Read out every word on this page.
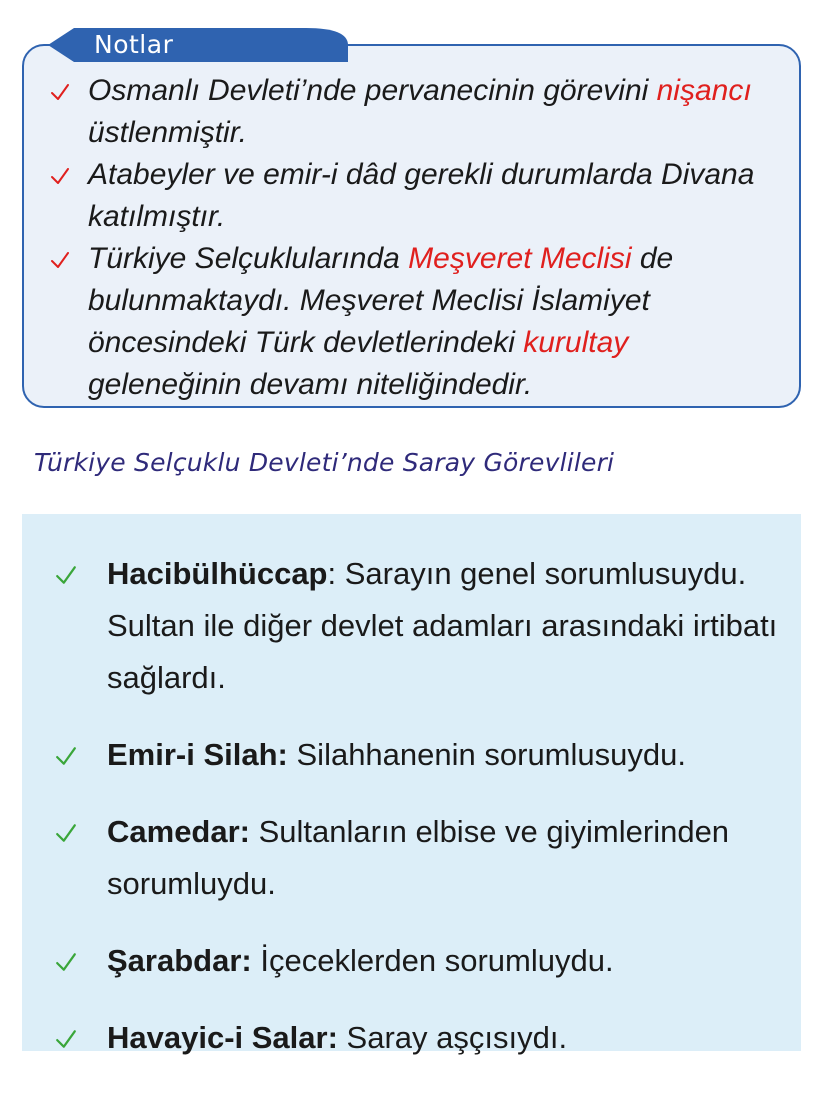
Notlar
Osmanlı Devleti’nde pervanecinin görevini nişancı üstlenmiştir.
Atabeyler ve emir-i dâd gerekli durumlarda Divana katılmıştır.
Türkiye Selçuklularında Meşveret Meclisi de bulunmaktaydı. Meşveret Meclisi İslamiyet öncesindeki Türk devletlerindeki kurultay geleneğinin devamı niteliğindedir.
Türkiye Selçuklu Devleti’nde Saray Görevlileri
Hacibülhüccap: Sarayın genel sorumlusuydu. Sultan ile diğer devlet adamları arasındaki irtibatı sağlardı.
Emir-i Silah: Silahhanenin sorumlusuydu.
Camedar: Sultanların elbise ve giyimlerinden sorumluydu.
Şarabdar: İçeceklerden sorumluydu.
Havayic-i Salar: Saray aşçısıydı.
